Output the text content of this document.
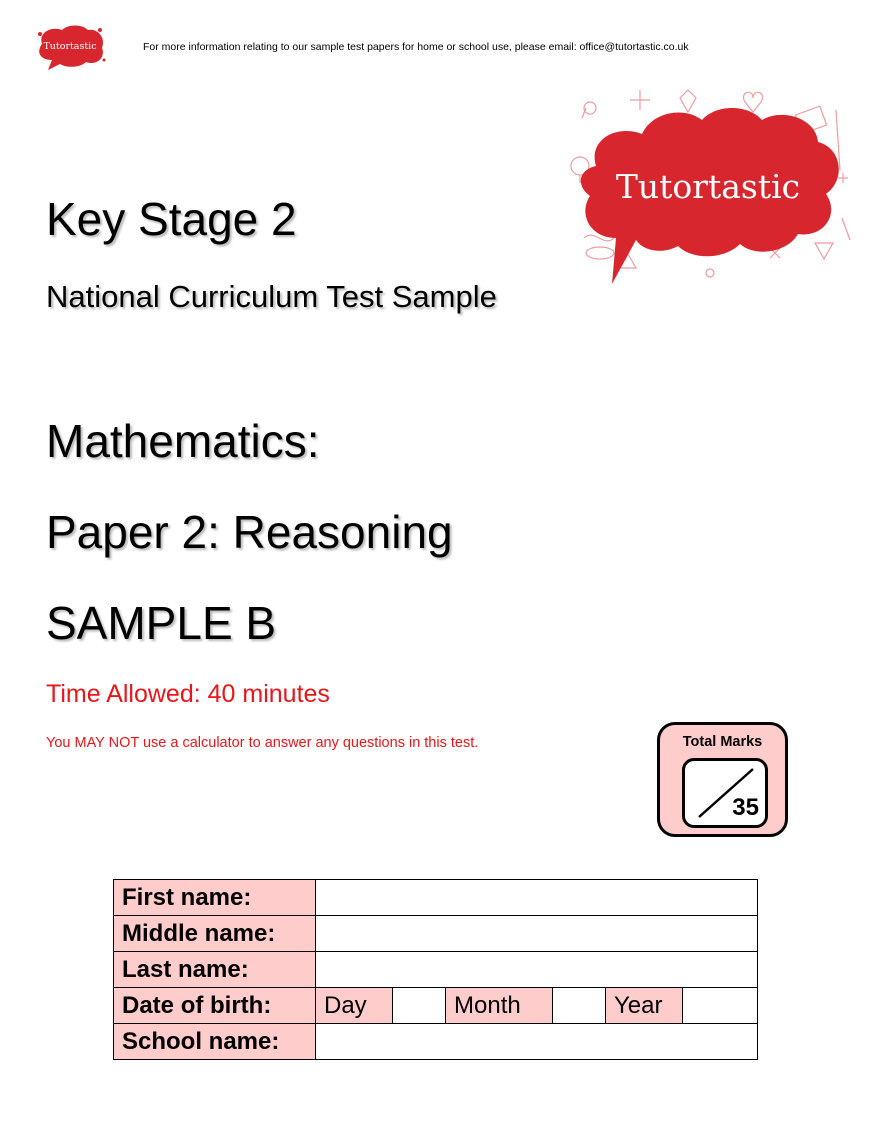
Tutortastic	For more information relating to our sample test papers for home or school use, please email: office@tutortastic.co.uk
Tutortastic
Key Stage 2
National Curriculum Test Sample
Mathematics:
Paper 2: Reasoning
SAMPLE B
Time Allowed: 40 minutes
You MAY NOT use a calculator to answer any questions in this test.	Total Marks
35
First name:						
Middle name:						
Last name:						
Date of birth:	Day		Month		Year	
School name:						
